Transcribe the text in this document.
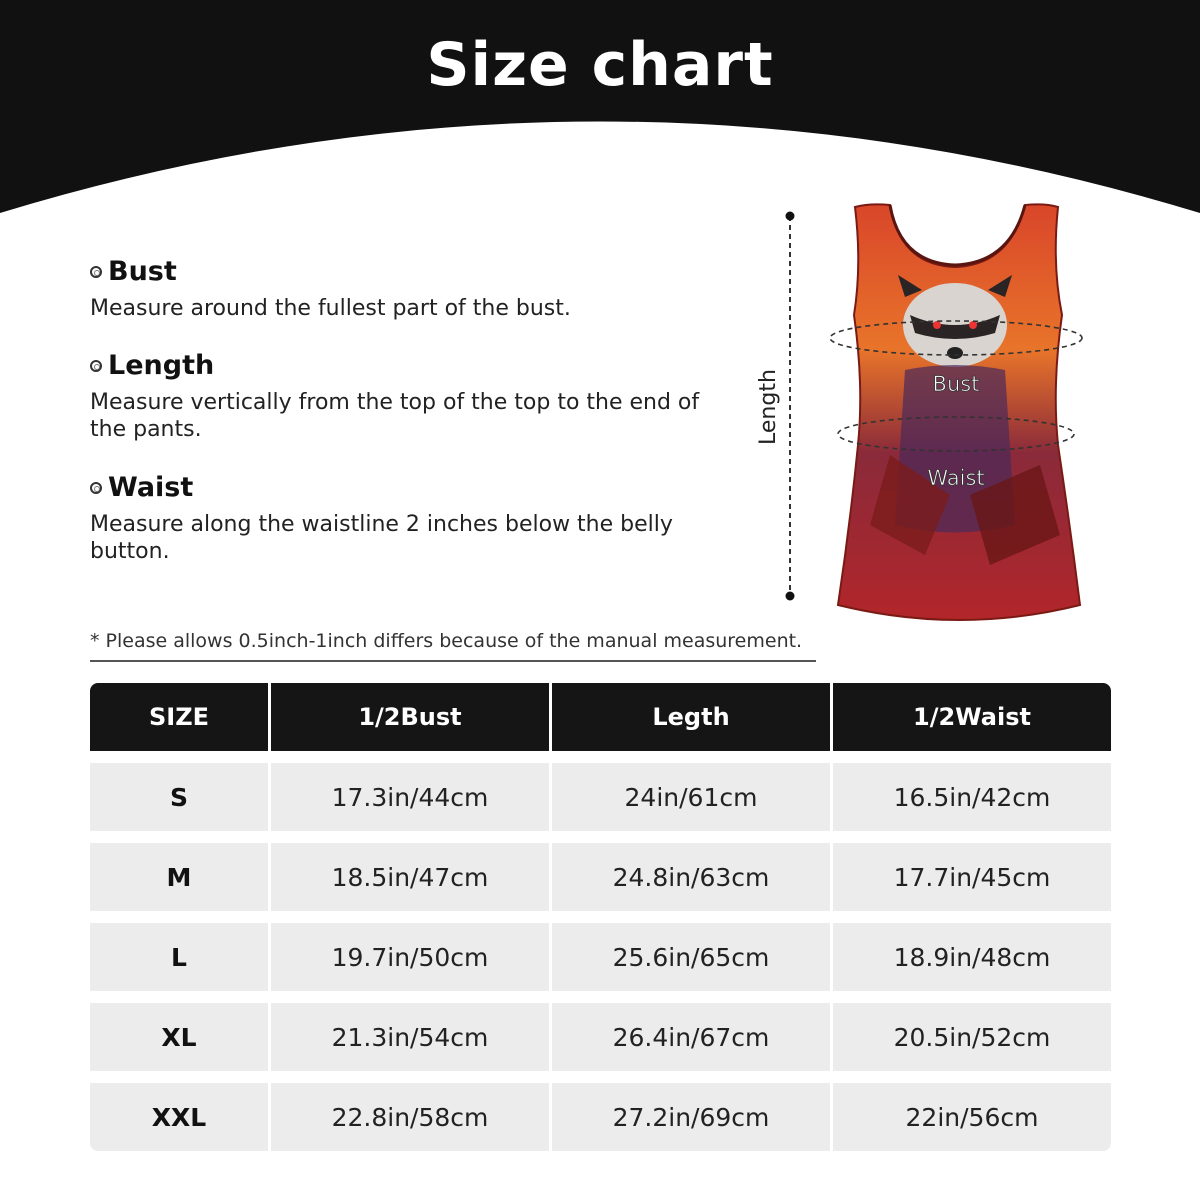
Size chart
Bust
Measure around the fullest part of the bust.
Length
Measure vertically from the top of the top to the end of the pants.
Waist
Measure along the waistline 2 inches below the belly button.
* Please allows 0.5inch-1inch differs because of the manual measurement.
Length	Bust
Waist
SIZE	1/2Bust	Legth	1/2Waist
S	17.3in/44cm	24in/61cm	16.5in/42cm
M	18.5in/47cm	24.8in/63cm	17.7in/45cm
L	19.7in/50cm	25.6in/65cm	18.9in/48cm
XL	21.3in/54cm	26.4in/67cm	20.5in/52cm
XXL	22.8in/58cm	27.2in/69cm	22in/56cm
